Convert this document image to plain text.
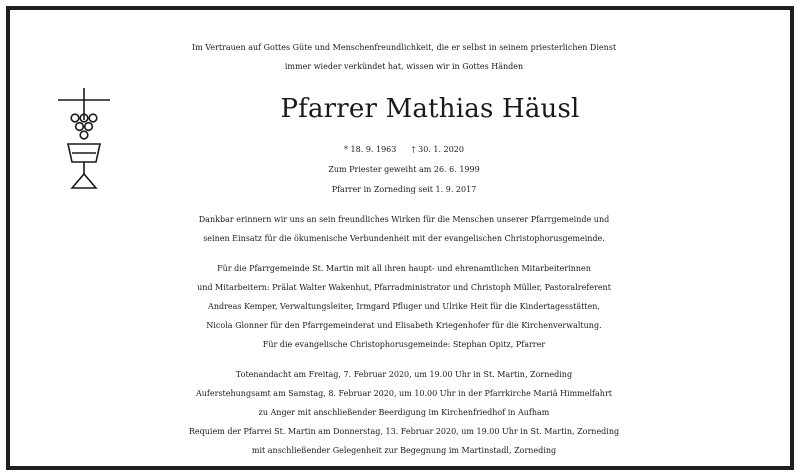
Im Vertrauen auf Gottes Güte und Menschenfreundlichkeit, die er selbst in seinem priesterlichen Dienst
immer wieder verkündet hat, wissen wir in Gottes Händen
Pfarrer Mathias Häusl
* 18. 9. 1963      † 30. 1. 2020
Zum Priester geweiht am 26. 6. 1999
Pfarrer in Zorneding seit 1. 9. 2017
Dankbar erinnern wir uns an sein freundliches Wirken für die Menschen unserer Pfarrgemeinde und
seinen Einsatz für die ökumenische Verbundenheit mit der evangelischen Christophorusgemeinde.
Für die Pfarrgemeinde St. Martin mit all ihren haupt- und ehrenamtlichen Mitarbeiterinnen
und Mitarbeitern: Prälat Walter Wakenhut, Pfarradministrator und Christoph Müller, Pastoralreferent
Andreas Kemper, Verwaltungsleiter, Irmgard Pfluger und Ulrike Heit für die Kindertagesstätten,
Nicola Glonner für den Pfarrgemeinderat und Elisabeth Kriegenhofer für die Kirchenverwaltung.
Für die evangelische Christophorusgemeinde: Stephan Opitz, Pfarrer
Totenandacht am Freitag, 7. Februar 2020, um 19.00 Uhr in St. Martin, Zorneding
Auferstehungsamt am Samstag, 8. Februar 2020, um 10.00 Uhr in der Pfarrkirche Mariä Himmelfahrt
zu Anger mit anschließender Beerdigung im Kirchenfriedhof in Aufham
Requiem der Pfarrei St. Martin am Donnerstag, 13. Februar 2020, um 19.00 Uhr in St. Martin, Zorneding
mit anschließender Gelegenheit zur Begegnung im Martinstadl, Zorneding
